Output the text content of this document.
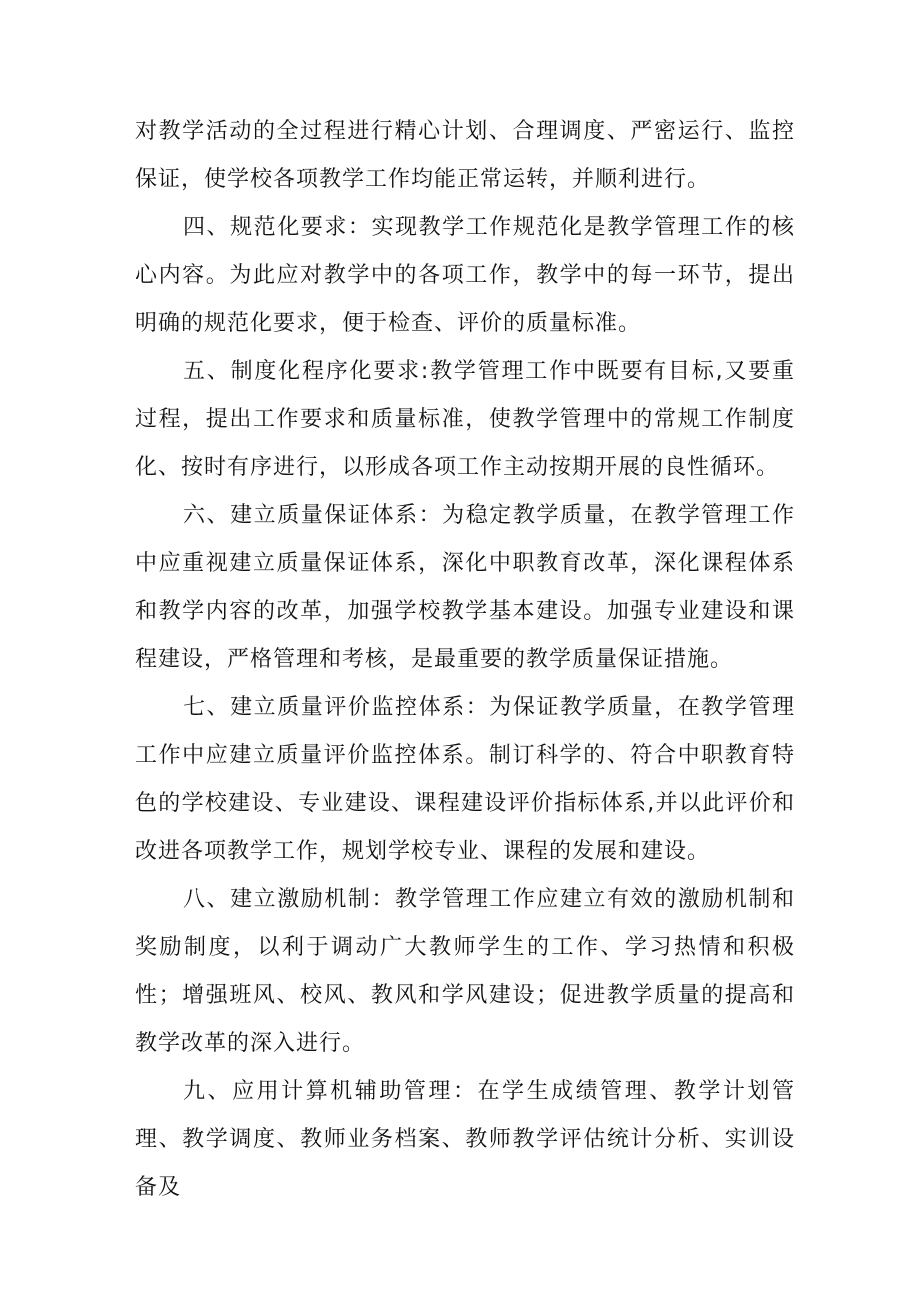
对教学活动的全过程进行精心计划、合理调度、严密运行、监控保证，使学校各项教学工作均能正常运转，并顺利进行。

四、规范化要求：实现教学工作规范化是教学管理工作的核心内容。为此应对教学中的各项工作，教学中的每一环节，提出明确的规范化要求，便于检查、评价的质量标准。

五、制度化程序化要求:教学管理工作中既要有目标,又要重过程，提出工作要求和质量标准，使教学管理中的常规工作制度化、按时有序进行，以形成各项工作主动按期开展的良性循环。

六、建立质量保证体系：为稳定教学质量，在教学管理工作中应重视建立质量保证体系，深化中职教育改革，深化课程体系和教学内容的改革，加强学校教学基本建设。加强专业建设和课程建设，严格管理和考核，是最重要的教学质量保证措施。

七、建立质量评价监控体系：为保证教学质量，在教学管理工作中应建立质量评价监控体系。制订科学的、符合中职教育特色的学校建设、专业建设、课程建设评价指标体系,并以此评价和改进各项教学工作，规划学校专业、课程的发展和建设。

八、建立激励机制：教学管理工作应建立有效的激励机制和奖励制度，以利于调动广大教师学生的工作、学习热情和积极性；增强班风、校风、教风和学风建设；促进教学质量的提高和教学改革的深入进行。

九、应用计算机辅助管理：在学生成绩管理、教学计划管理、教学调度、教师业务档案、教师教学评估统计分析、实训设备及
